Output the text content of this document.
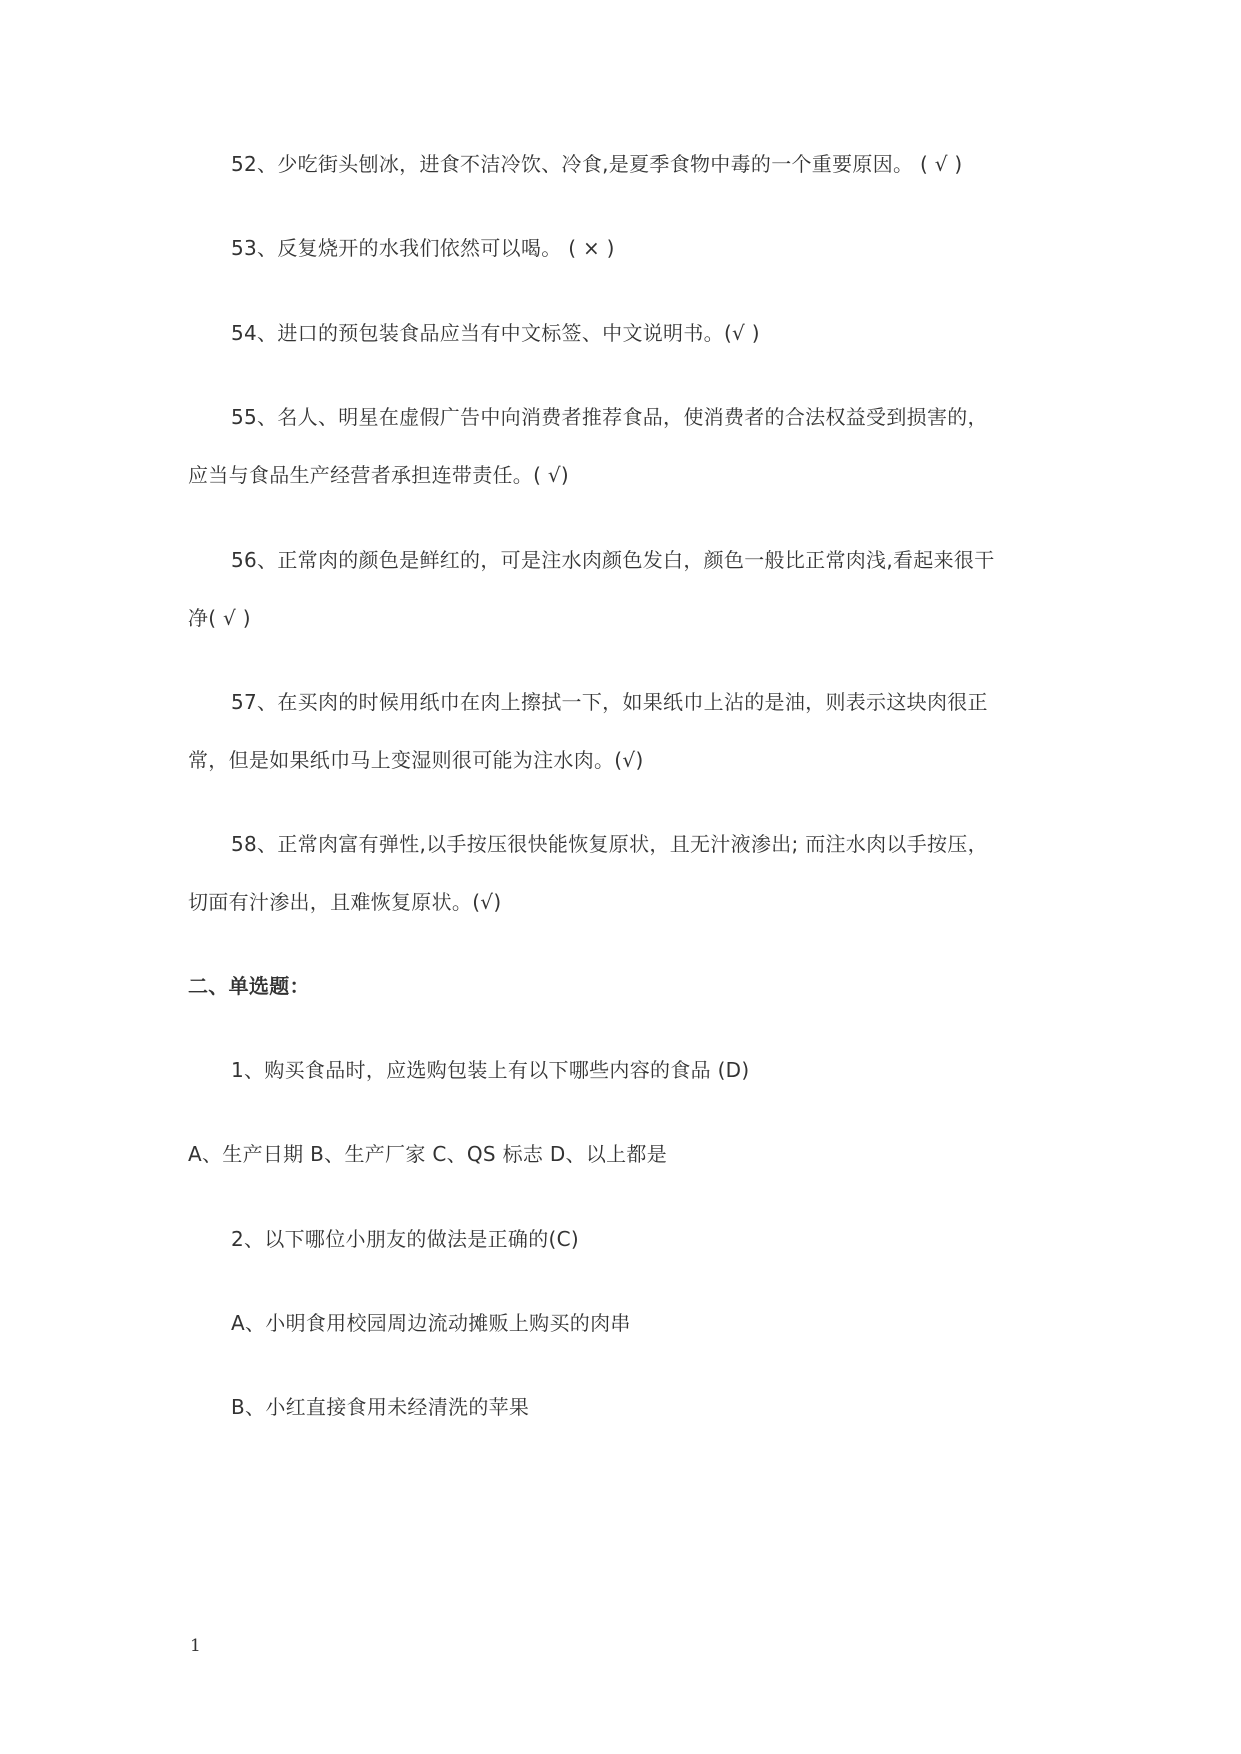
52、少吃街头刨冰，进食不洁冷饮、冷食,是夏季食物中毒的一个重要原因。 ( √ )
53、反复烧开的水我们依然可以喝。 ( × )
54、进口的预包装食品应当有中文标签、中文说明书。(√ )
55、名人、明星在虚假广告中向消费者推荐食品，使消费者的合法权益受到损害的，
应当与食品生产经营者承担连带责任。( √)
56、正常肉的颜色是鲜红的，可是注水肉颜色发白，颜色一般比正常肉浅,看起来很干
净( √ )
57、在买肉的时候用纸巾在肉上擦拭一下，如果纸巾上沾的是油，则表示这块肉很正
常，但是如果纸巾马上变湿则很可能为注水肉。(√)
58、正常肉富有弹性,以手按压很快能恢复原状，且无汁液渗出; 而注水肉以手按压，
切面有汁渗出，且难恢复原状。(√)
二、单选题：
1、购买食品时，应选购包装上有以下哪些内容的食品 (D)
A、生产日期 B、生产厂家 C、QS 标志 D、以上都是
2、以下哪位小朋友的做法是正确的(C)
A、小明食用校园周边流动摊贩上购买的肉串
B、小红直接食用未经清洗的苹果
1
